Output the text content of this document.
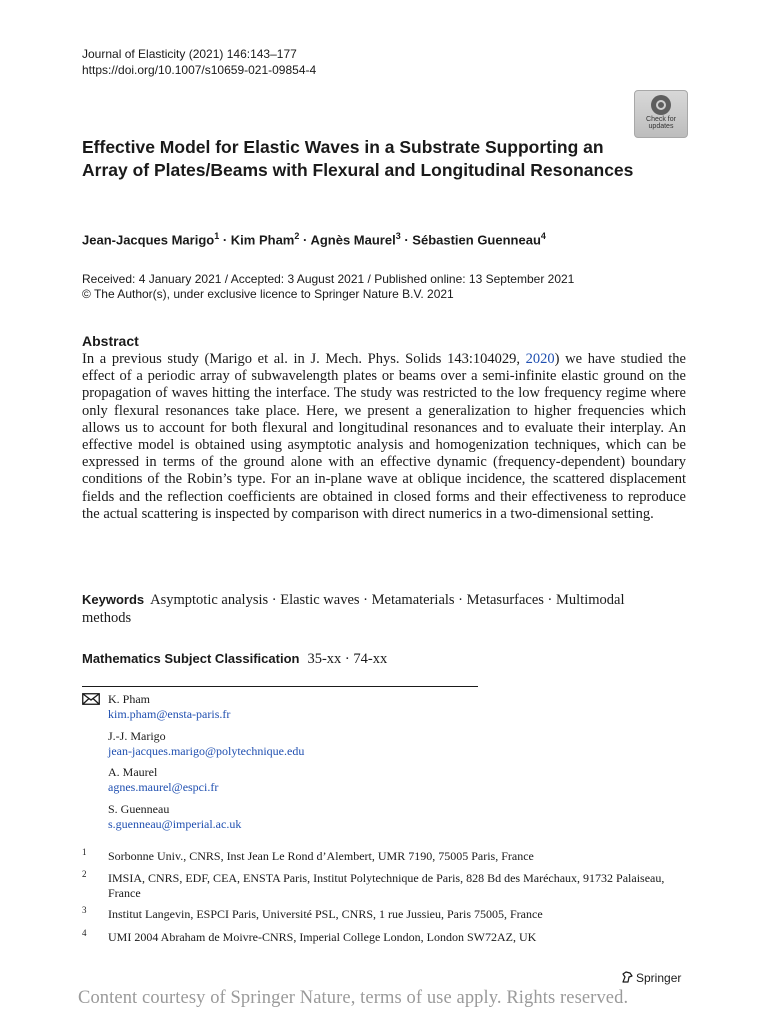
Journal of Elasticity (2021) 146:143–177
https://doi.org/10.1007/s10659-021-09854-4
Check for
updates
Effective Model for Elastic Waves in a Substrate Supporting an Array of Plates/Beams with Flexural and Longitudinal Resonances
Jean-Jacques Marigo$^1$ · Kim Pham$^2$ · Agnès Maurel$^3$ · Sébastien Guenneau$^4$
Received: 4 January 2021 / Accepted: 3 August 2021 / Published online: 13 September 2021
© The Author(s), under exclusive licence to Springer Nature B.V. 2021
Abstract

In a previous study (Marigo et al. in J. Mech. Phys. Solids 143:104029, 2020) we have studied the effect of a periodic array of subwavelength plates or beams over a semi-infinite elastic ground on the propagation of waves hitting the interface. The study was restricted to the low frequency regime where only flexural resonances take place. Here, we present a generalization to higher frequencies which allows us to account for both flexural and longitudinal resonances and to evaluate their interplay. An effective model is obtained using asymptotic analysis and homogenization techniques, which can be expressed in terms of the ground alone with an effective dynamic (frequency-dependent) boundary conditions of the Robin’s type. For an in-plane wave at oblique incidence, the scattered displacement fields and the reflection coefficients are obtained in closed forms and their effectiveness to reproduce the actual scattering is inspected by comparison with direct numerics in a two-dimensional setting.

Keywords Asymptotic analysis · Elastic waves · Metamaterials · Metasurfaces · Multimodal methods
Mathematics Subject Classification 35-xx · 74-xx
K. Pham
kim.pham@ensta-paris.fr
J.-J. Marigo
jean-jacques.marigo@polytechnique.edu
A. Maurel
agnes.maurel@espci.fr
S. Guenneau
s.guenneau@imperial.ac.uk
1 Sorbonne Univ., CNRS, Inst Jean Le Rond d’Alembert, UMR 7190, 75005 Paris, France
2 IMSIA, CNRS, EDF, CEA, ENSTA Paris, Institut Polytechnique de Paris, 828 Bd des Maréchaux, 91732 Palaiseau, France
3 Institut Langevin, ESPCI Paris, Université PSL, CNRS, 1 rue Jussieu, Paris 75005, France
4 UMI 2004 Abraham de Moivre-CNRS, Imperial College London, London SW72AZ, UK
Springer
Content courtesy of Springer Nature, terms of use apply. Rights reserved.
